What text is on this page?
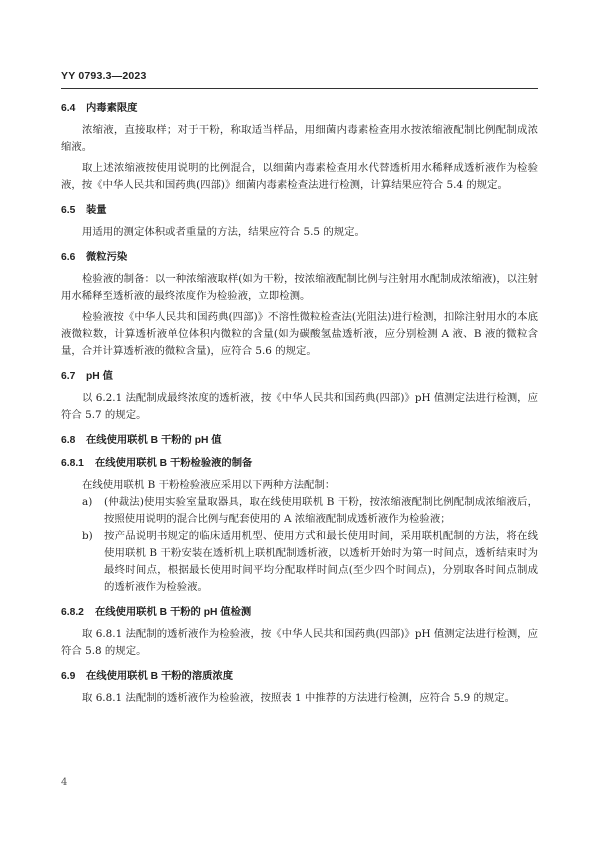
YY 0793.3—2023
6.4	内毒素限度

浓缩液，直接取样；对于干粉，称取适当样品，用细菌内毒素检查用水按浓缩液配制比例配制成浓缩液。

取上述浓缩液按使用说明的比例混合，以细菌内毒素检查用水代替透析用水稀释成透析液作为检验液，按《中华人民共和国药典(四部)》细菌内毒素检查法进行检测，计算结果应符合 5.4 的规定。

6.5	装量

用适用的测定体积或者重量的方法，结果应符合 5.5 的规定。

6.6	微粒污染

检验液的制备：以一种浓缩液取样(如为干粉，按浓缩液配制比例与注射用水配制成浓缩液)，以注射用水稀释至透析液的最终浓度作为检验液，立即检测。

检验液按《中华人民共和国药典(四部)》不溶性微粒检查法(光阻法)进行检测，扣除注射用水的本底液微粒数，计算透析液单位体积内微粒的含量(如为碳酸氢盐透析液，应分别检测 A 液、B 液的微粒含量，合并计算透析液的微粒含量)，应符合 5.6 的规定。

6.7	pH 值

以 6.2.1 法配制成最终浓度的透析液，按《中华人民共和国药典(四部)》pH 值测定法进行检测，应符合 5.7 的规定。

6.8	在线使用联机 B 干粉的 pH 值
6.8.1	在线使用联机 B 干粉检验液的制备

在线使用联机 B 干粉检验液应采用以下两种方法配制：

a)	(仲裁法)使用实验室量取器具，取在线使用联机 B 干粉，按浓缩液配制比例配制成浓缩液后，按照使用说明的混合比例与配套使用的 A 浓缩液配制成透析液作为检验液；
b)	按产品说明书规定的临床适用机型、使用方式和最长使用时间，采用联机配制的方法，将在线使用联机 B 干粉安装在透析机上联机配制透析液，以透析开始时为第一时间点，透析结束时为最终时间点，根据最长使用时间平均分配取样时间点(至少四个时间点)，分别取各时间点制成的透析液作为检验液。
6.8.2	在线使用联机 B 干粉的 pH 值检测

取 6.8.1 法配制的透析液作为检验液，按《中华人民共和国药典(四部)》pH 值测定法进行检测，应符合 5.8 的规定。

6.9	在线使用联机 B 干粉的溶质浓度

取 6.8.1 法配制的透析液作为检验液，按照表 1 中推荐的方法进行检测，应符合 5.9 的规定。

4
